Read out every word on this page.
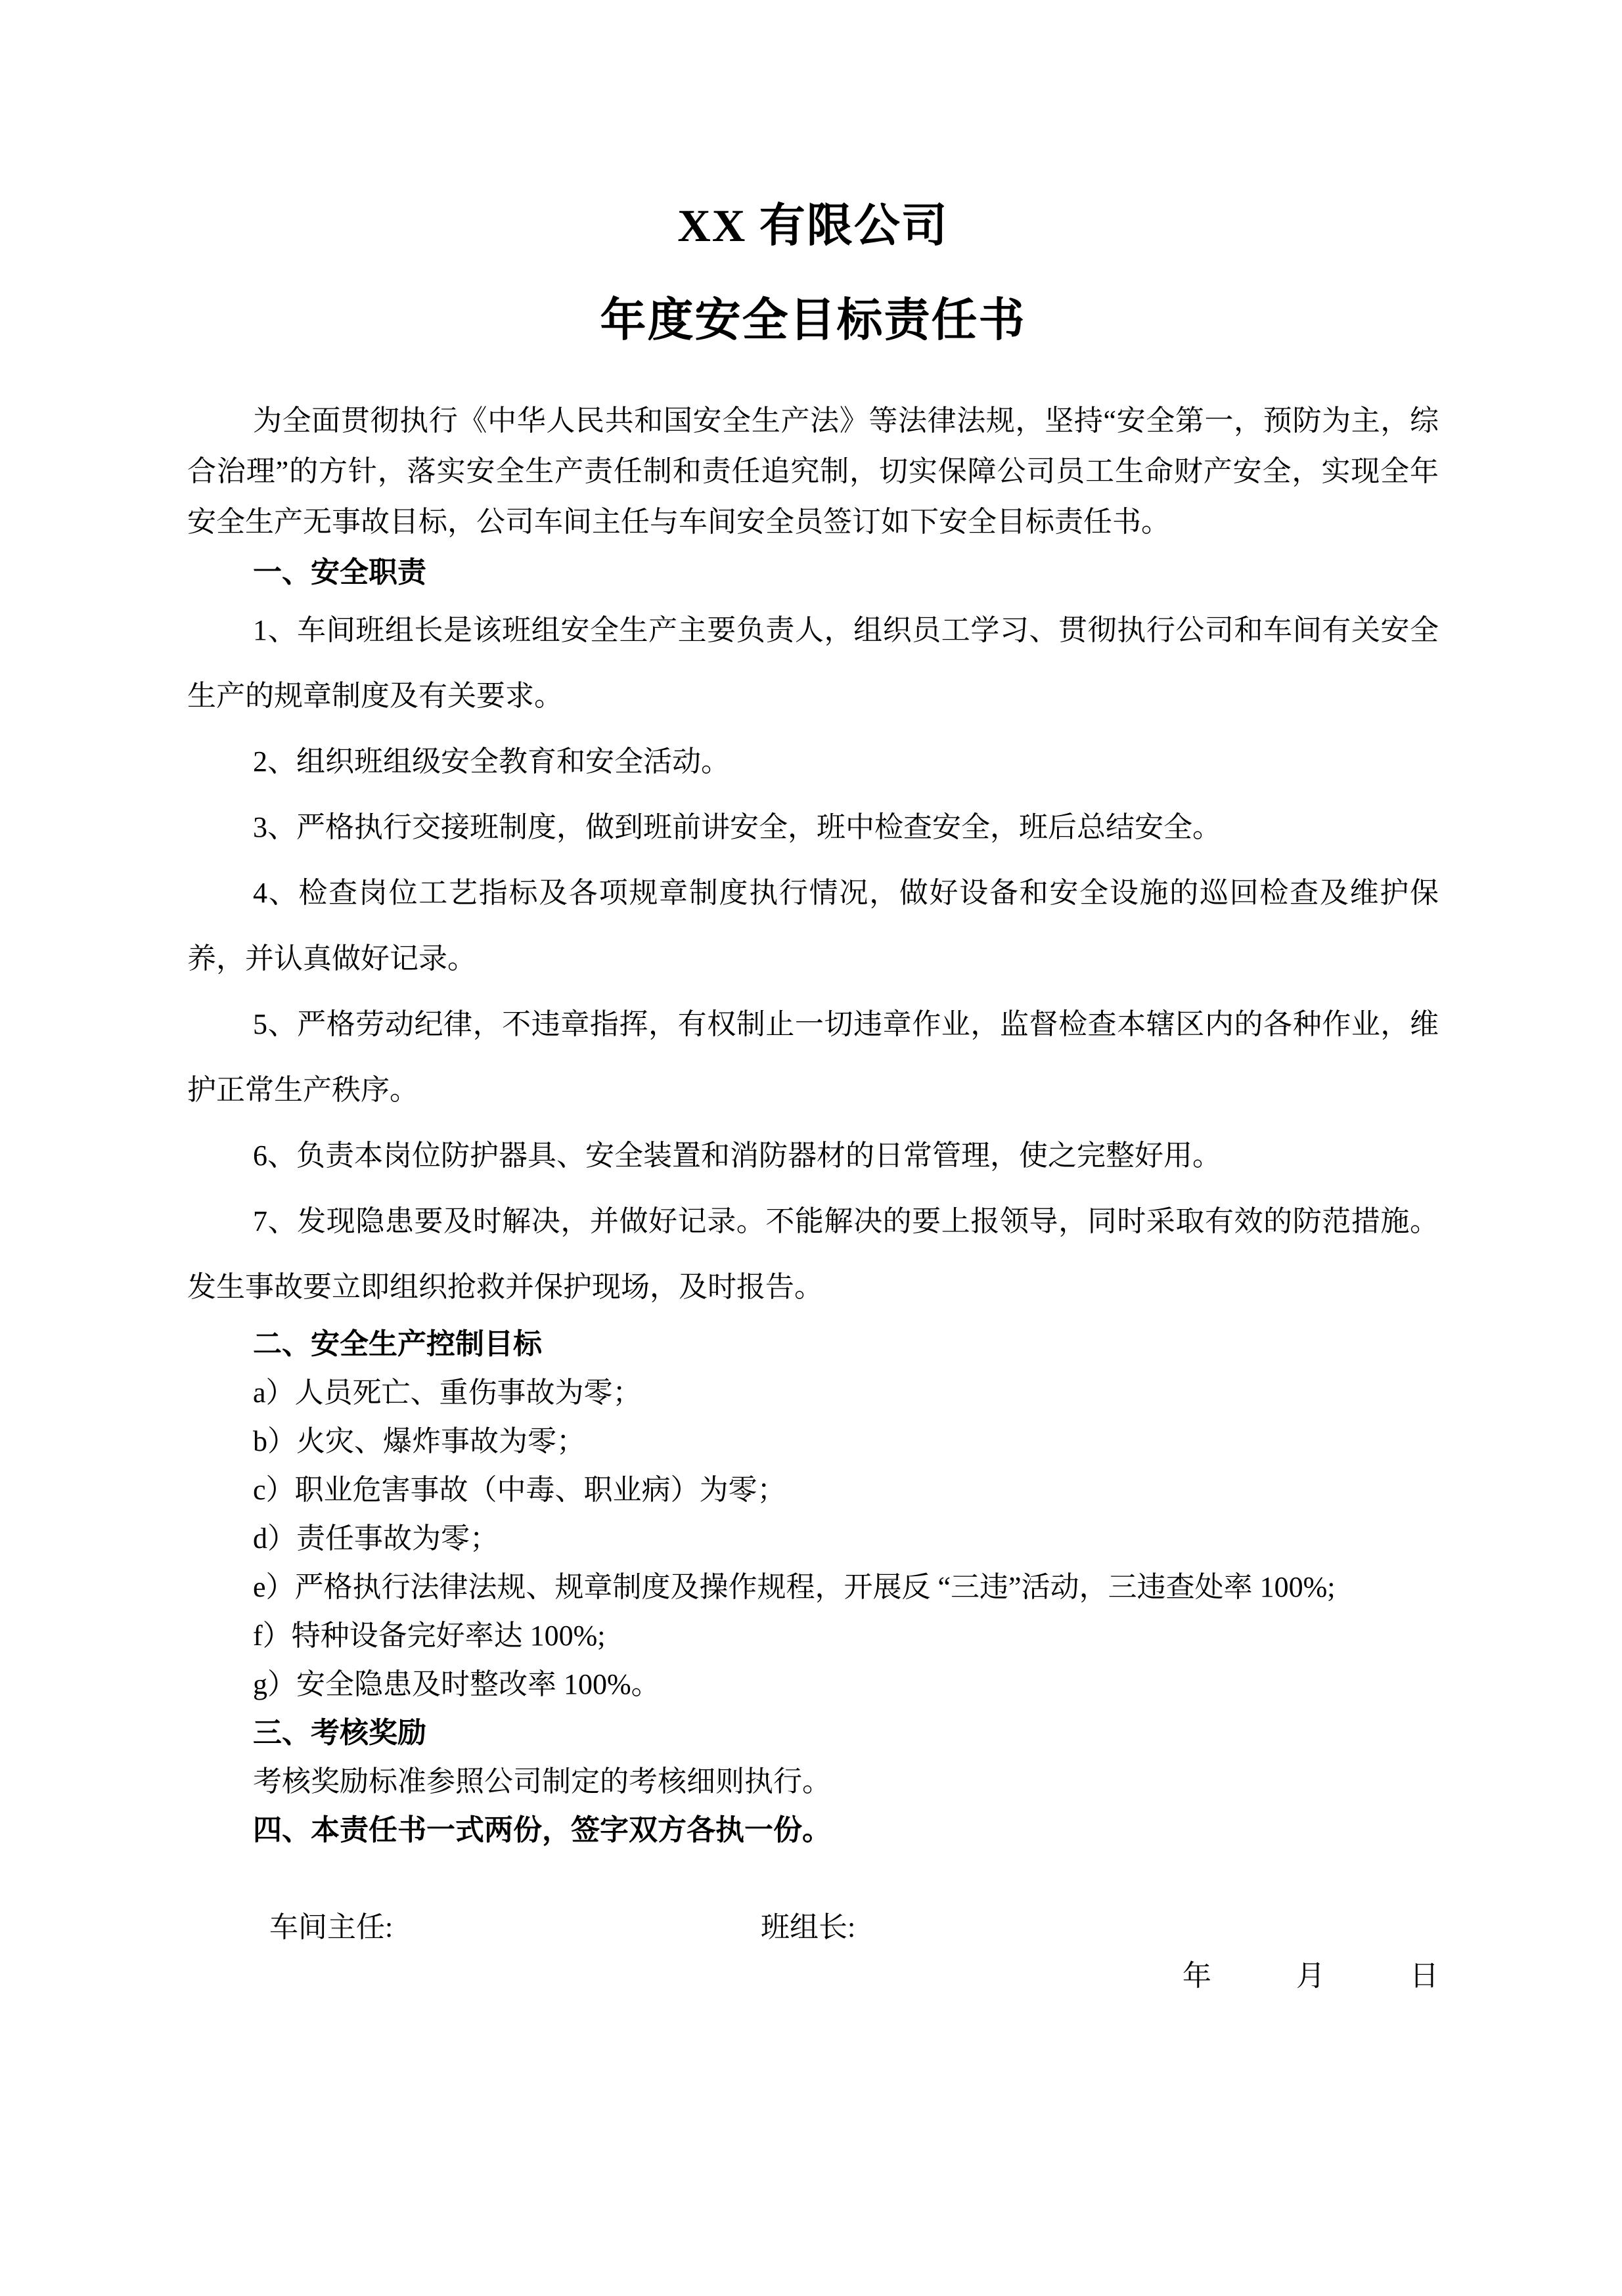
XX 有限公司
年度安全目标责任书

为全面贯彻执行《中华人民共和国安全生产法》等法律法规，坚持“安全第一，预防为主，综合治理”的方针，落实安全生产责任制和责任追究制，切实保障公司员工生命财产安全，实现全年安全生产无事故目标，公司车间主任与车间安全员签订如下安全目标责任书。

一、安全职责

1、车间班组长是该班组安全生产主要负责人，组织员工学习、贯彻执行公司和车间有关安全生产的规章制度及有关要求。

2、组织班组级安全教育和安全活动。

3、严格执行交接班制度，做到班前讲安全，班中检查安全，班后总结安全。

4、检查岗位工艺指标及各项规章制度执行情况，做好设备和安全设施的巡回检查及维护保养，并认真做好记录。

5、严格劳动纪律，不违章指挥，有权制止一切违章作业，监督检查本辖区内的各种作业，维护正常生产秩序。

6、负责本岗位防护器具、安全装置和消防器材的日常管理，使之完整好用。

7、发现隐患要及时解决，并做好记录。不能解决的要上报领导，同时采取有效的防范措施。发生事故要立即组织抢救并保护现场，及时报告。

二、安全生产控制目标

a）人员死亡、重伤事故为零；

b）火灾、爆炸事故为零；

c）职业危害事故（中毒、职业病）为零；

d）责任事故为零；

e）严格执行法律法规、规章制度及操作规程，开展反 “三违”活动，三违查处率 100%;

f）特种设备完好率达 100%;

g）安全隐患及时整改率 100%。

三、考核奖励

考核奖励标准参照公司制定的考核细则执行。

四、本责任书一式两份，签字双方各执一份。

车间主任:	班组长:

年	月	日
